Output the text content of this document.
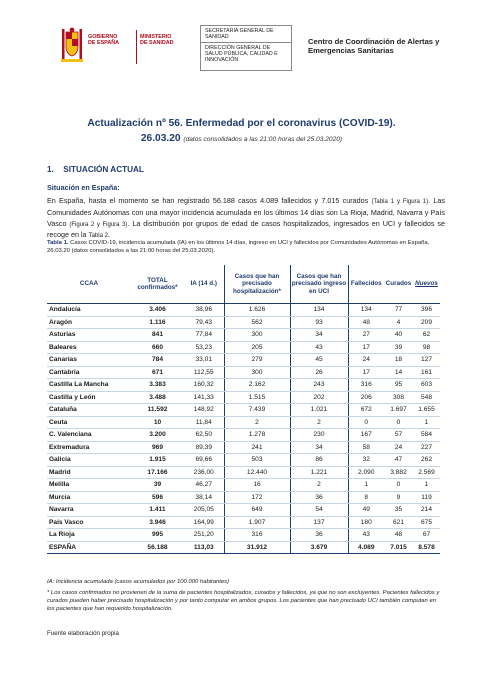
GOBIERNO
DE ESPAÑA
MINISTERIO
DE SANIDAD
SECRETARIA GENERAL DE SANIDAD
DIRECCIÓN GENERAL DE SALUD PÚBLICA, CALIDAD E INNOVACIÓN
Centro de Coordinación de Alertas y Emergencias Sanitarias
Actualización nº 56. Enfermedad por el coronavirus (COVID-19).
26.03.20 (datos consolidados a las 21:00 horas del 25.03.2020)
1. SITUACIÓN ACTUAL
Situación en España:
En España, hasta el momento se han registrado 56.188 casos 4.089 fallecidos y 7.015 curados (Tabla 1 y Figura 1). Las Comunidades Autónomas con una mayor incidencia acumulada en los últimos 14 días son La Rioja, Madrid, Navarra y País Vasco (Figura 2 y Figura 3). La distribución por grupos de edad de casos hospitalizados, ingresados en UCI y fallecidos se recoge en la Tabla 2.
Tabla 1. Casos COVID-19, incidencia acumulada (IA) en los últimos 14 días, ingreso en UCI y fallecidos por Comunidades Autónomas en España, 26.03.20 (datos consolidados a las 21:00 horas del 25.03.2020).
CCAA	TOTAL confirmados*	IA (14 d.)	Casos que han precisado hospitalización*	Casos que han precisado ingreso en UCI	Fallecidos	Curados	Nuevos
Andalucía	3.406	38,96	1.626	134	134	77	396
Aragón	1.116	79,43	562	93	48	4	209
Asturias	841	77,84	300	34	27	40	62
Baleares	660	53,23	205	43	17	39	98
Canarias	784	33,01	279	45	24	18	127
Cantabria	671	112,55	300	26	17	14	161
Castilla La Mancha	3.383	160,32	2.162	243	316	95	603
Castilla y León	3.488	141,33	1.515	202	206	308	548
Cataluña	11.592	148,92	7.439	1.021	672	1.697	1.655
Ceuta	10	11,84	2	2	0	0	1
C. Valenciana	3.200	62,50	1.278	230	167	57	584
Extremadura	969	89,39	241	34	58	24	227
Galicia	1.915	69,66	503	86	32	47	262
Madrid	17.166	236,00	12.440	1.221	2.090	3.882	2.569
Melilla	39	46,27	16	2	1	0	1
Murcia	596	38,14	172	36	8	9	119
Navarra	1.411	205,05	649	54	49	35	214
País Vasco	3.946	164,99	1.907	137	180	621	675
La Rioja	995	251,20	316	36	43	48	67
ESPAÑA	56.188	113,03	31.912	3.679	4.089	7.015	8.578
IA: Incidencia acumulada (casos acumulados por 100.000 habitantes)
* Los casos confirmados no provienen de la suma de pacientes hospitalizados, curados y fallecidos, ya que no son excluyentes. Pacientes fallecidos y curados pueden haber precisado hospitalización y por tanto computar en ambos grupos. Los pacientes que han precisado UCI también computan en los pacientes que han requerido hospitalización.
Fuente elaboración propia
